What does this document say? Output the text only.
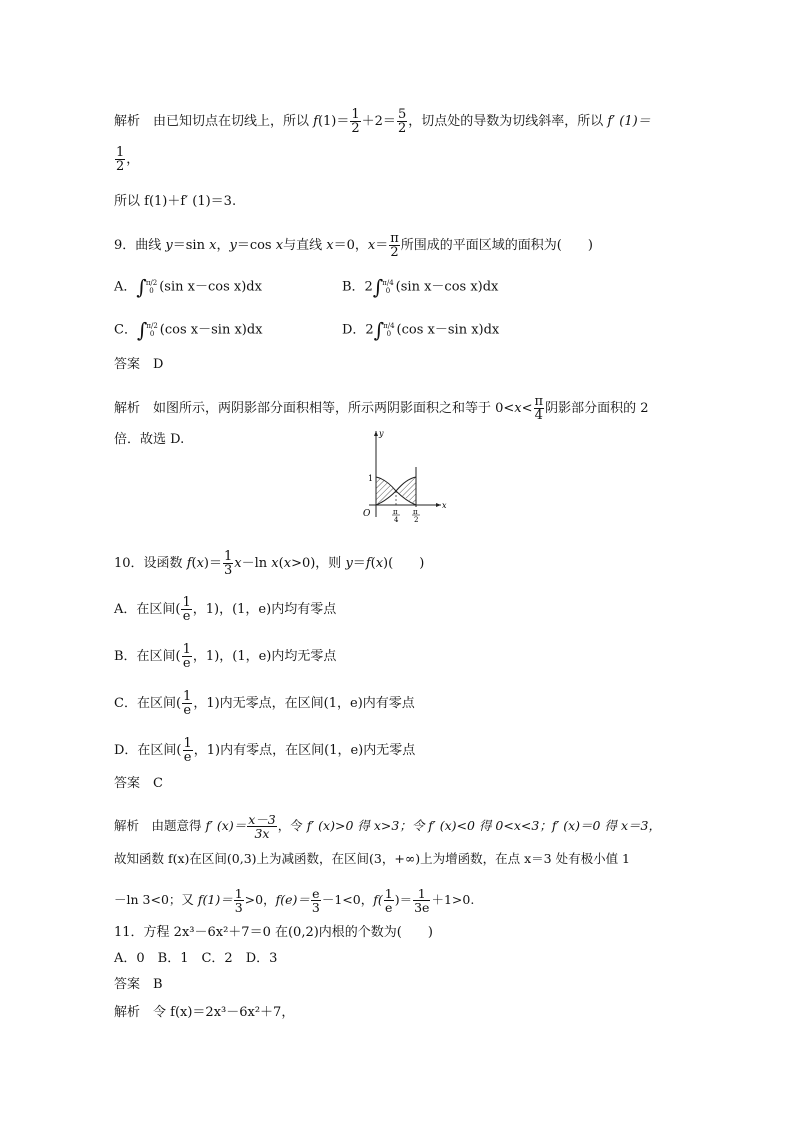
解析　由已知切点在切线上，所以 $f(1)= \frac{1}{2} +2= \frac{5}{2}$ ，切点处的导数为切线斜率，所以 f′ (1)＝
$\frac{1}{2}$ ，
所以 f(1)＋f′ (1)＝3.
9．曲线 y＝sin x，y＝cos x与直线 x＝0，$x= \frac{\pi}{2}$ 所围成的平面区域的面积为(　　)
A．∫ π/2
0 (sin x－cos x)dx	B．2∫ π/4
0 (sin x－cos x)dx
C．∫ π/2
0 (cos x－sin x)dx	D．2∫ π/4
0 (cos x－sin x)dx
答案　D
解析　如图所示，两阴影部分面积相等，所示两阴影面积之和等于 $0<x< \frac{\pi}{4}$ 阴影部分面积的 2
倍．故选 D.	y
x
O
1
π
4
π
2
10．设函数 $f(x)= \frac{1}{3} x-\ln$ x(x>0)，则 y＝f(x)(　　)
A．在区间( $\frac{1}{e}$ ，1)，(1，e)内均有零点
B．在区间( $\frac{1}{e}$ ，1)，(1，e)内均无零点
C．在区间( $\frac{1}{e}$ ，1)内无零点，在区间(1，e)内有零点
D．在区间( $\frac{1}{e}$ ，1)内有零点，在区间(1，e)内无零点
答案　C
解析　由题意得 f′ $(x)= \frac{x-3}{3x}$ ，令 f′ (x)>0 得 x>3；令 f′ (x)<0 得 0<x<3；f′ (x)＝0 得 x＝3，
故知函数 f(x)在区间(0,3)上为减函数，在区间(3，+∞)上为增函数，在点 x＝3 处有极小值 1
－ln 3<0；又 $f(1)= \frac{1}{3} >0$，$f(e)= \frac{e}{3} -1<0$，$f( \frac{1}{e}$ )＝ $\frac{1}{3e} +1>0$.
11．方程 2x³－6x²＋7＝0 在(0,2)内根的个数为(　　)
A．0　B．1　C．2　D．3
答案　B
解析　令 f(x)＝2x³－6x²＋7，
